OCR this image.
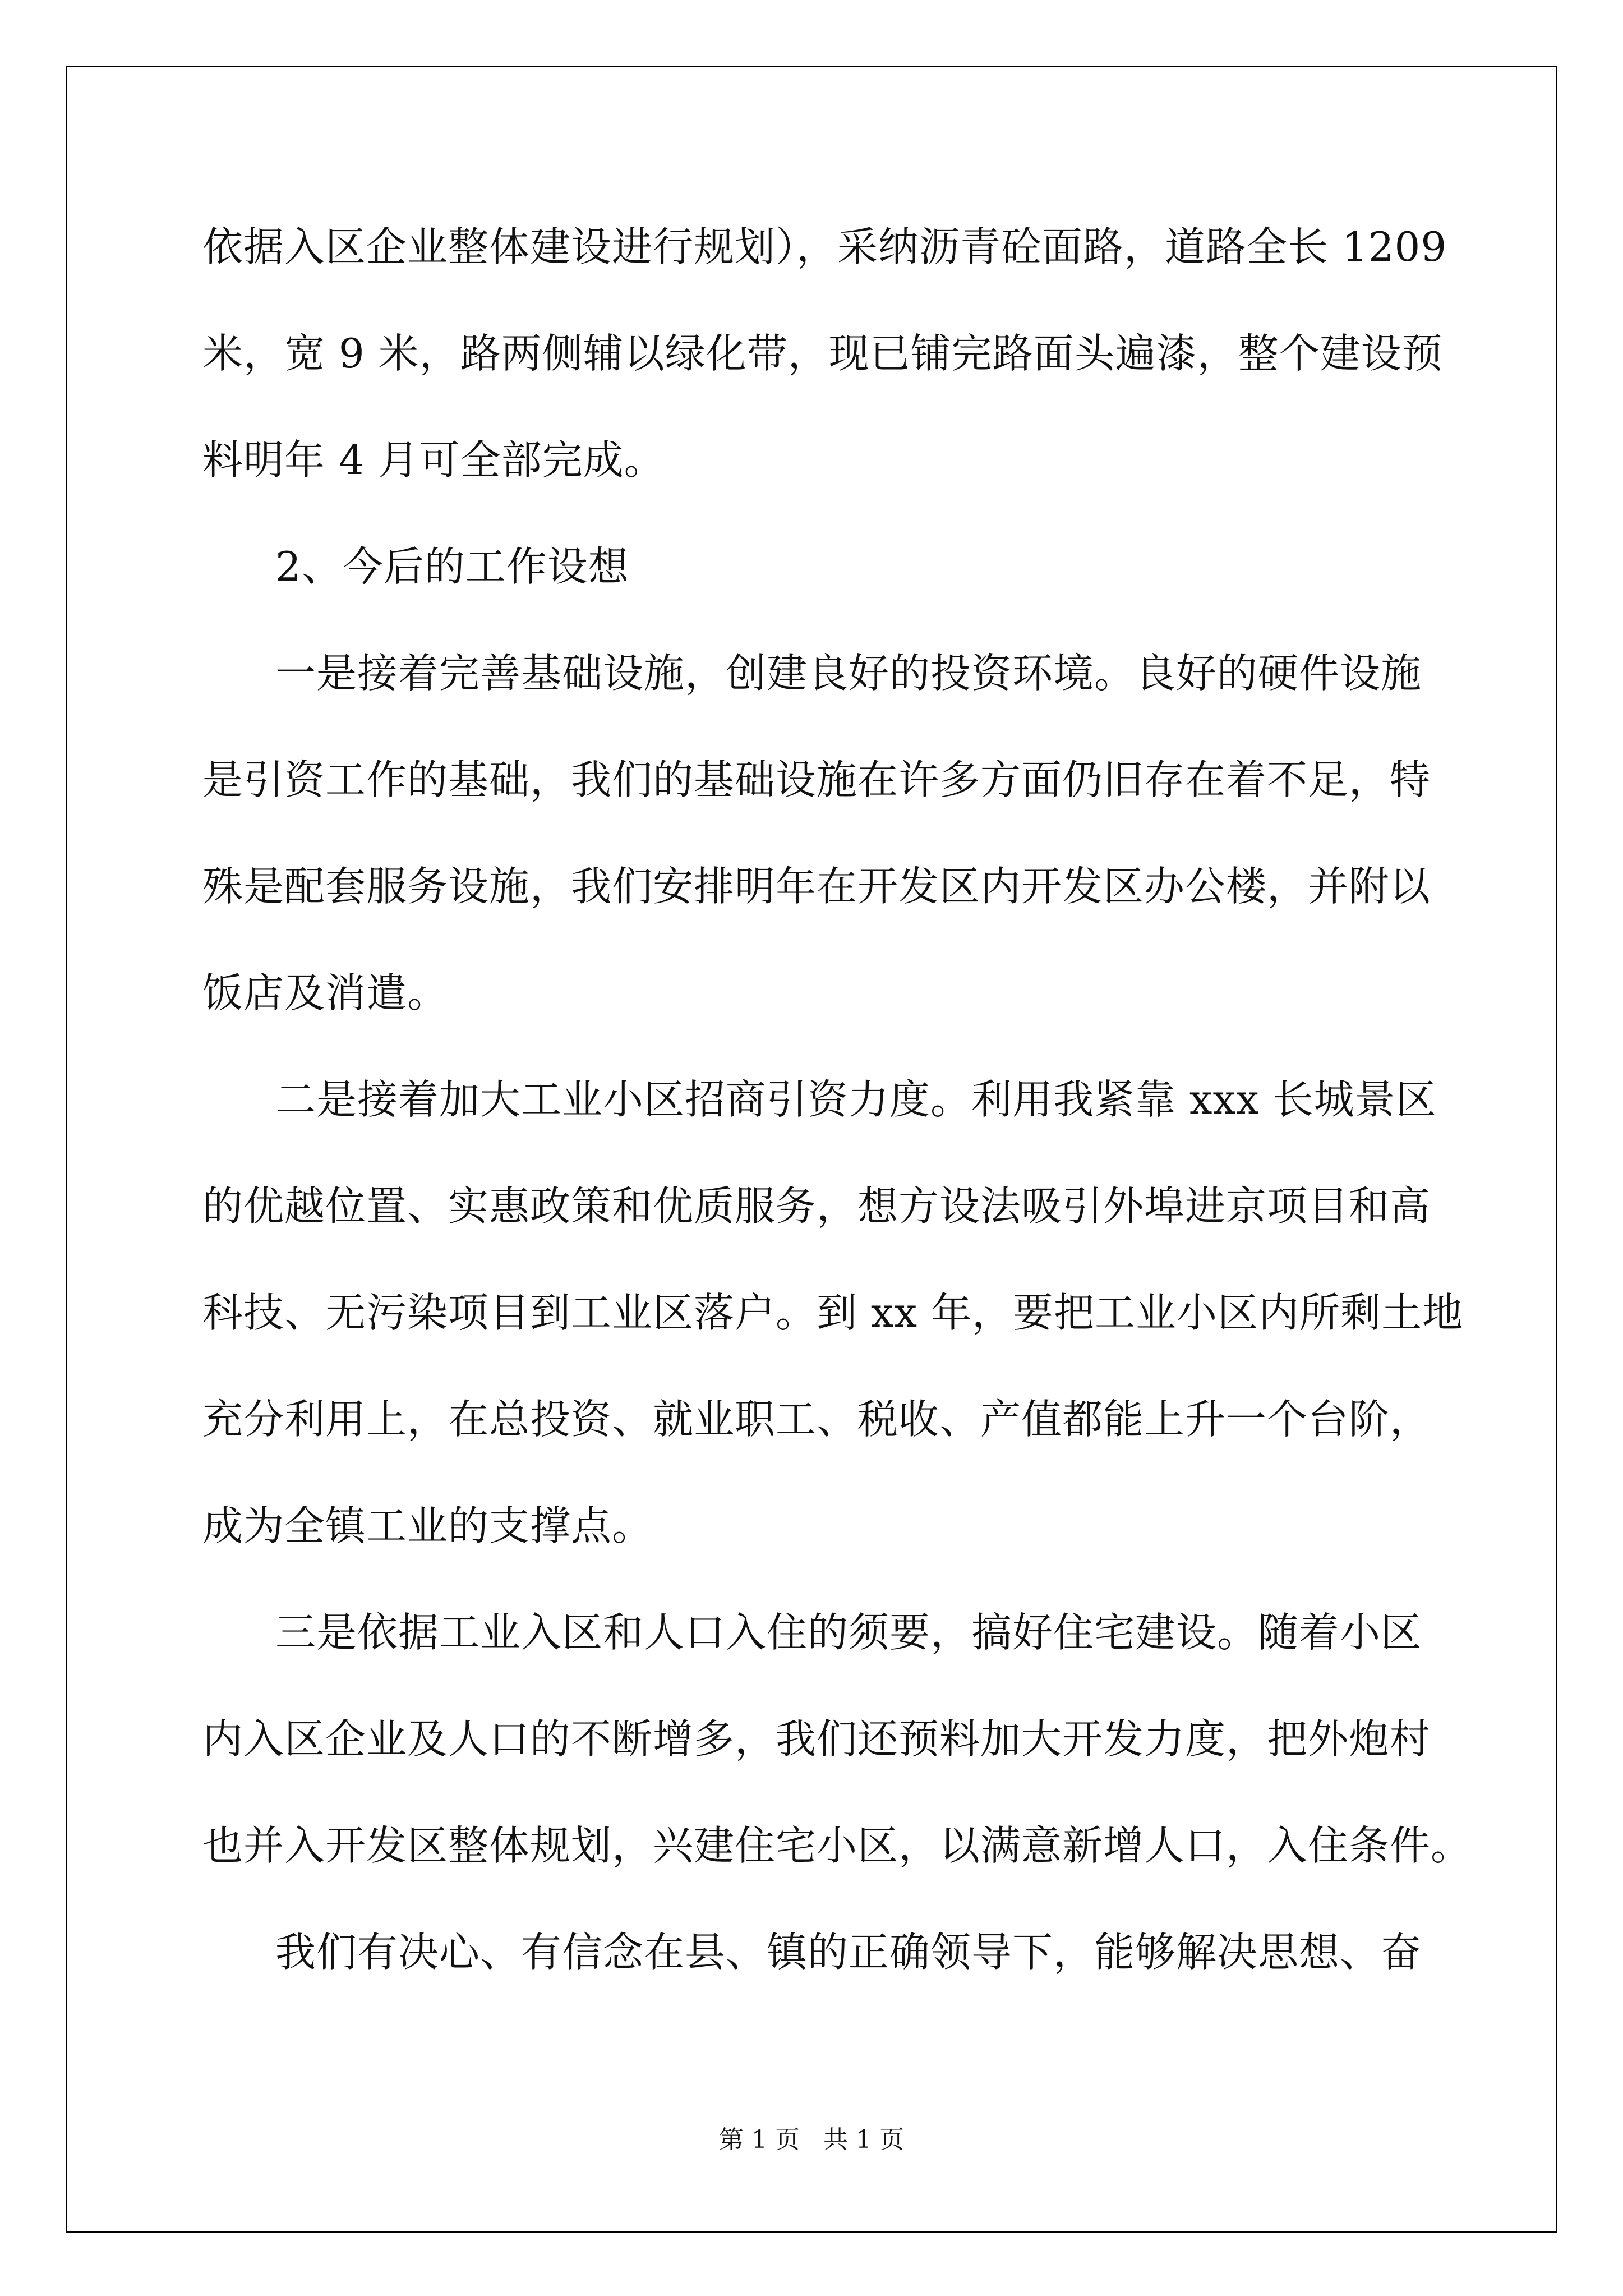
依据入区企业整体建设进行规划），采纳沥青砼面路，道路全长 1209
米，宽 9 米，路两侧辅以绿化带，现已铺完路面头遍漆，整个建设预
料明年 4 月可全部完成。
2、今后的工作设想
一是接着完善基础设施，创建良好的投资环境。良好的硬件设施
是引资工作的基础，我们的基础设施在许多方面仍旧存在着不足，特
殊是配套服务设施，我们安排明年在开发区内开发区办公楼，并附以
饭店及消遣。
二是接着加大工业小区招商引资力度。利用我紧靠 xxx 长城景区
的优越位置、实惠政策和优质服务，想方设法吸引外埠进京项目和高
科技、无污染项目到工业区落户。到 xx 年，要把工业小区内所剩土地
充分利用上，在总投资、就业职工、税收、产值都能上升一个台阶，
成为全镇工业的支撑点。
三是依据工业入区和人口入住的须要，搞好住宅建设。随着小区
内入区企业及人口的不断增多，我们还预料加大开发力度，把外炮村
也并入开发区整体规划，兴建住宅小区，以满意新增人口，入住条件。
我们有决心、有信念在县、镇的正确领导下，能够解决思想、奋
第 1 页 共 1 页
